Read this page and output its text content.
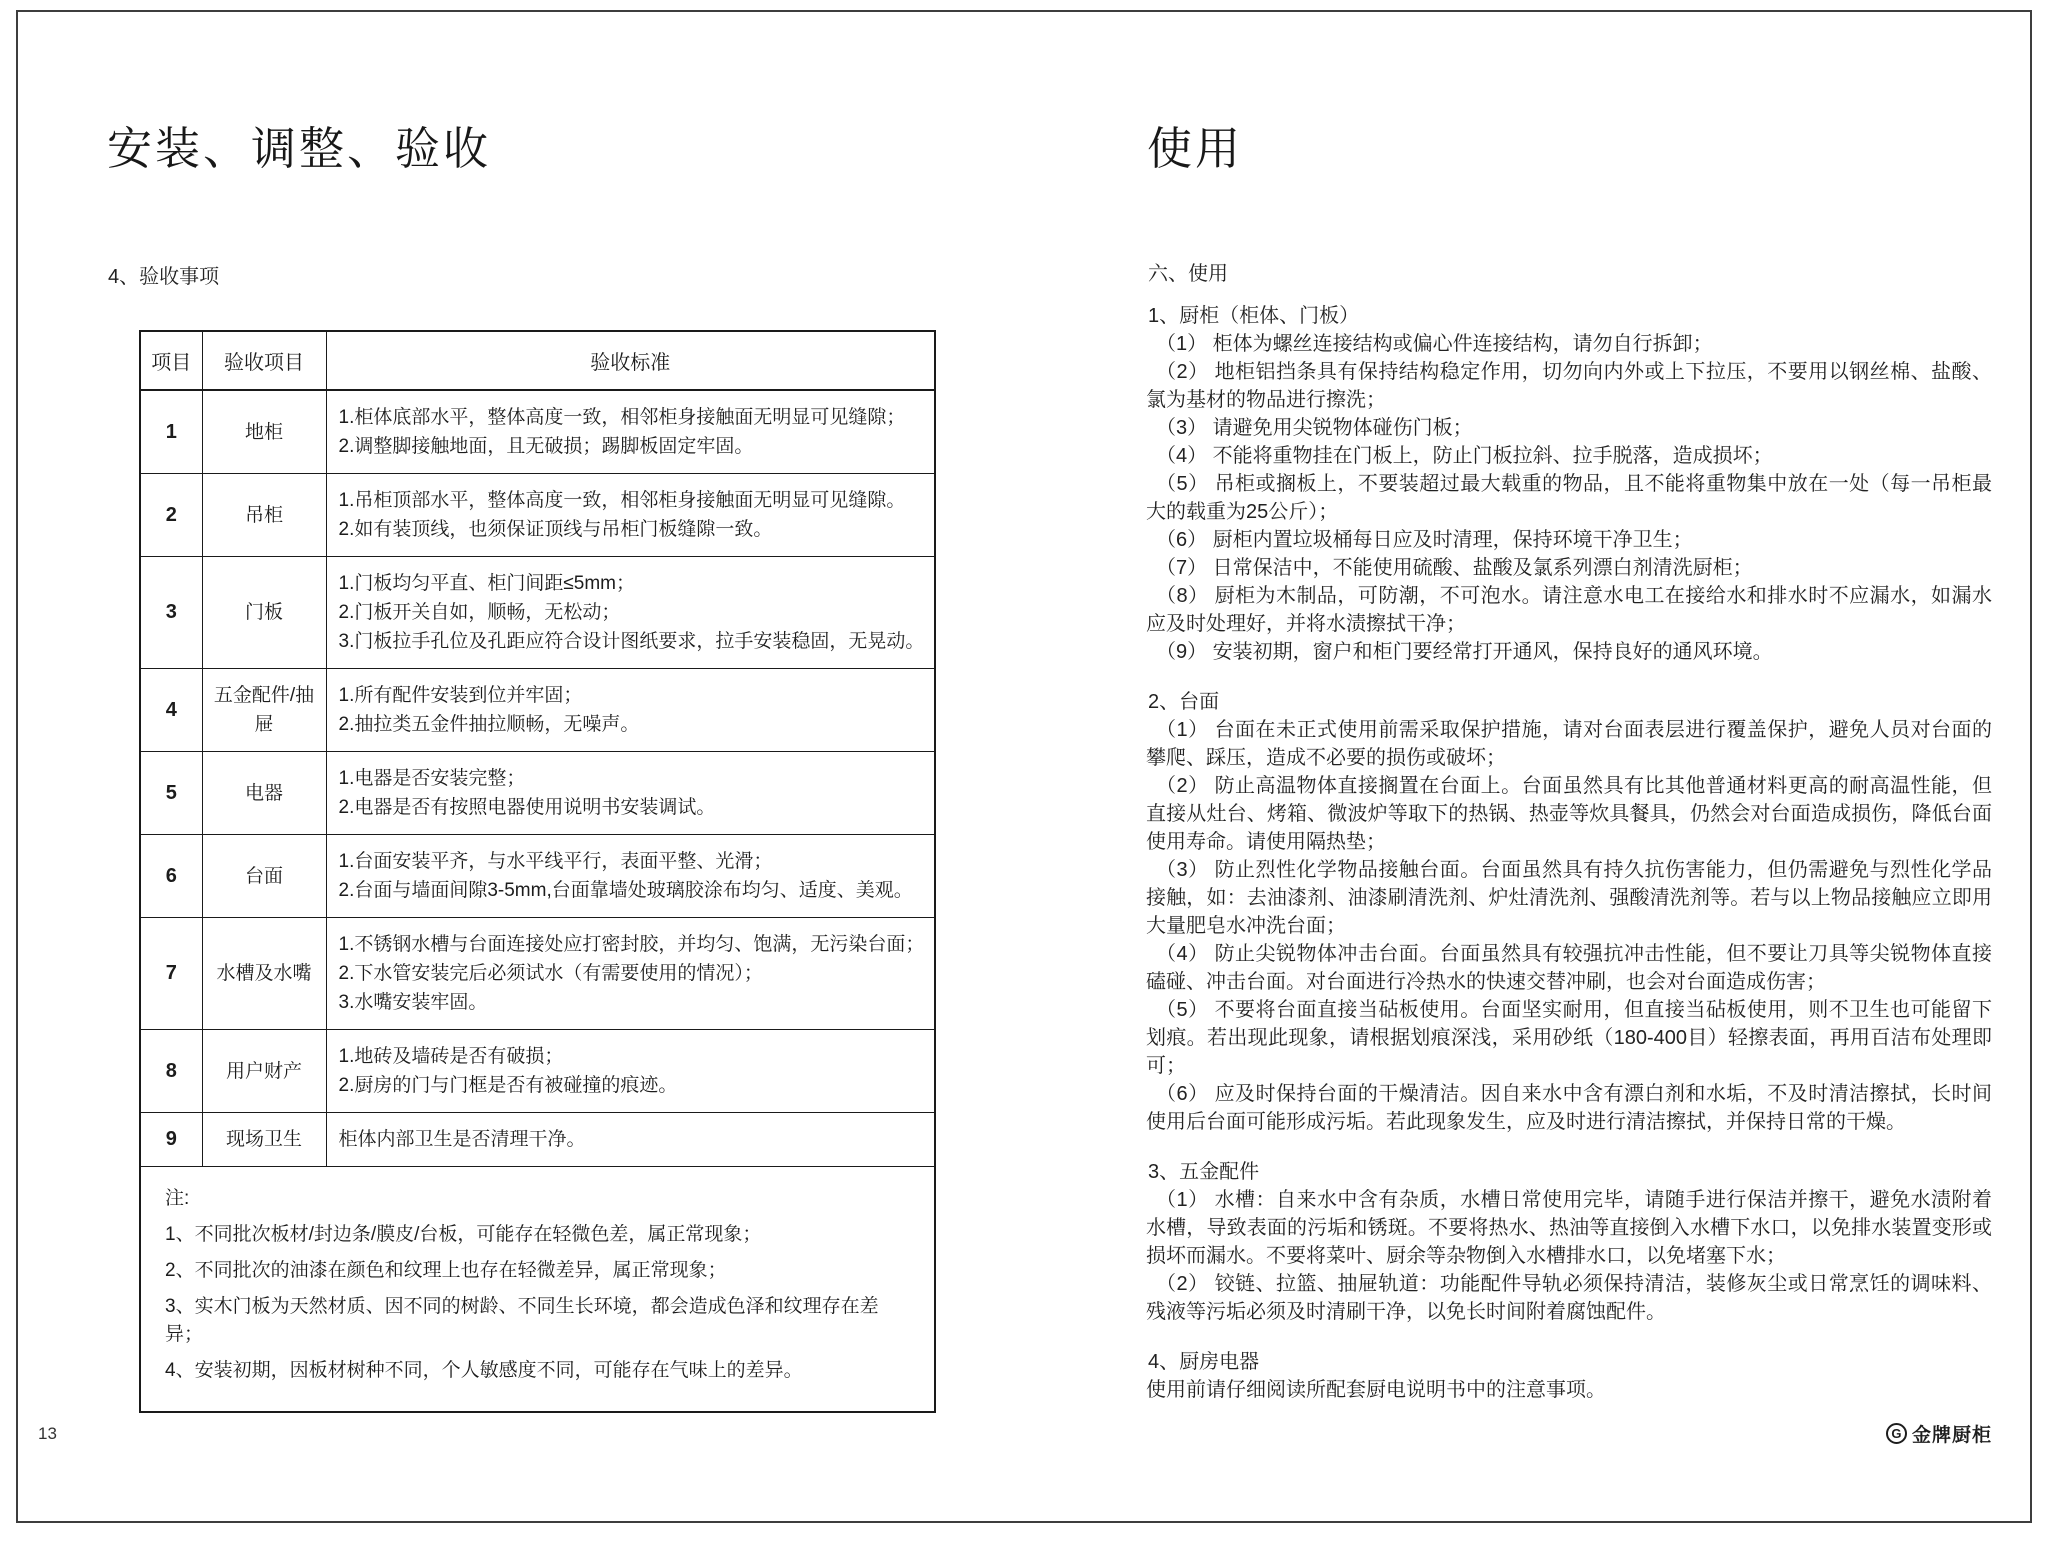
安装、调整、验收	使用
4、验收事项
项目	验收项目	验收标准
1	地柜	1.柜体底部水平，整体高度一致，相邻柜身接触面无明显可见缝隙；
2.调整脚接触地面，且无破损；踢脚板固定牢固。

2	吊柜	1.吊柜顶部水平，整体高度一致，相邻柜身接触面无明显可见缝隙。
2.如有装顶线，也须保证顶线与吊柜门板缝隙一致。

3	门板	1.门板均匀平直、柜门间距≤5mm；
2.门板开关自如，顺畅，无松动；
3.门板拉手孔位及孔距应符合设计图纸要求，拉手安装稳固，无晃动。

4	五金配件/抽屉	1.所有配件安装到位并牢固；
2.抽拉类五金件抽拉顺畅，无噪声。

5	电器	1.电器是否安装完整；
2.电器是否有按照电器使用说明书安装调试。

6	台面	1.台面安装平齐，与水平线平行，表面平整、光滑；
2.台面与墙面间隙3-5mm,台面靠墙处玻璃胶涂布均匀、适度、美观。

7	水槽及水嘴	1.不锈钢水槽与台面连接处应打密封胶，并均匀、饱满，无污染台面；
2.下水管安装完后必须试水（有需要使用的情况）；
3.水嘴安装牢固。

8	用户财产	1.地砖及墙砖是否有破损；
2.厨房的门与门框是否有被碰撞的痕迹。

9	现场卫生	柜体内部卫生是否清理干净。

注:
1、不同批次板材/封边条/膜皮/台板，可能存在轻微色差，属正常现象；
2、不同批次的油漆在颜色和纹理上也存在轻微差异，属正常现象；
3、实木门板为天然材质、因不同的树龄、不同生长环境，都会造成色泽和纹理存在差异；
4、安装初期，因板材树种不同，个人敏感度不同，可能存在气味上的差异。		
六、使用
1、厨柜（柜体、门板）

（1） 柜体为螺丝连接结构或偏心件连接结构，请勿自行拆卸；

（2） 地柜铝挡条具有保持结构稳定作用，切勿向内外或上下拉压，不要用以钢丝棉、盐酸、氯为基材的物品进行擦洗；

（3） 请避免用尖锐物体碰伤门板；

（4） 不能将重物挂在门板上，防止门板拉斜、拉手脱落，造成损坏；

（5） 吊柜或搁板上，不要装超过最大载重的物品，且不能将重物集中放在一处（每一吊柜最大的载重为25公斤）；

（6） 厨柜内置垃圾桶每日应及时清理，保持环境干净卫生；

（7） 日常保洁中，不能使用硫酸、盐酸及氯系列漂白剂清洗厨柜；

（8） 厨柜为木制品，可防潮，不可泡水。请注意水电工在接给水和排水时不应漏水，如漏水应及时处理好，并将水渍擦拭干净；

（9） 安装初期，窗户和柜门要经常打开通风，保持良好的通风环境。

2、台面

（1） 台面在未正式使用前需采取保护措施，请对台面表层进行覆盖保护，避免人员对台面的攀爬、踩压，造成不必要的损伤或破坏；

（2） 防止高温物体直接搁置在台面上。台面虽然具有比其他普通材料更高的耐高温性能，但直接从灶台、烤箱、微波炉等取下的热锅、热壶等炊具餐具，仍然会对台面造成损伤，降低台面使用寿命。请使用隔热垫；

（3） 防止烈性化学物品接触台面。台面虽然具有持久抗伤害能力，但仍需避免与烈性化学品接触，如：去油漆剂、油漆刷清洗剂、炉灶清洗剂、强酸清洗剂等。若与以上物品接触应立即用大量肥皂水冲洗台面；

（4） 防止尖锐物体冲击台面。台面虽然具有较强抗冲击性能，但不要让刀具等尖锐物体直接磕碰、冲击台面。对台面进行冷热水的快速交替冲刷，也会对台面造成伤害；

（5） 不要将台面直接当砧板使用。台面坚实耐用，但直接当砧板使用，则不卫生也可能留下划痕。若出现此现象，请根据划痕深浅，采用砂纸（180-400目）轻擦表面，再用百洁布处理即可；

（6） 应及时保持台面的干燥清洁。因自来水中含有漂白剂和水垢，不及时清洁擦拭，长时间使用后台面可能形成污垢。若此现象发生，应及时进行清洁擦拭，并保持日常的干燥。

3、五金配件

（1） 水槽：自来水中含有杂质，水槽日常使用完毕，请随手进行保洁并擦干，避免水渍附着水槽，导致表面的污垢和锈斑。不要将热水、热油等直接倒入水槽下水口，以免排水装置变形或损坏而漏水。不要将菜叶、厨余等杂物倒入水槽排水口，以免堵塞下水；

（2） 铰链、拉篮、抽屉轨道：功能配件导轨必须保持清洁，装修灰尘或日常烹饪的调味料、残液等污垢必须及时清刷干净，以免长时间附着腐蚀配件。

4、厨房电器

使用前请仔细阅读所配套厨电说明书中的注意事项。

13	G 金牌厨柜
